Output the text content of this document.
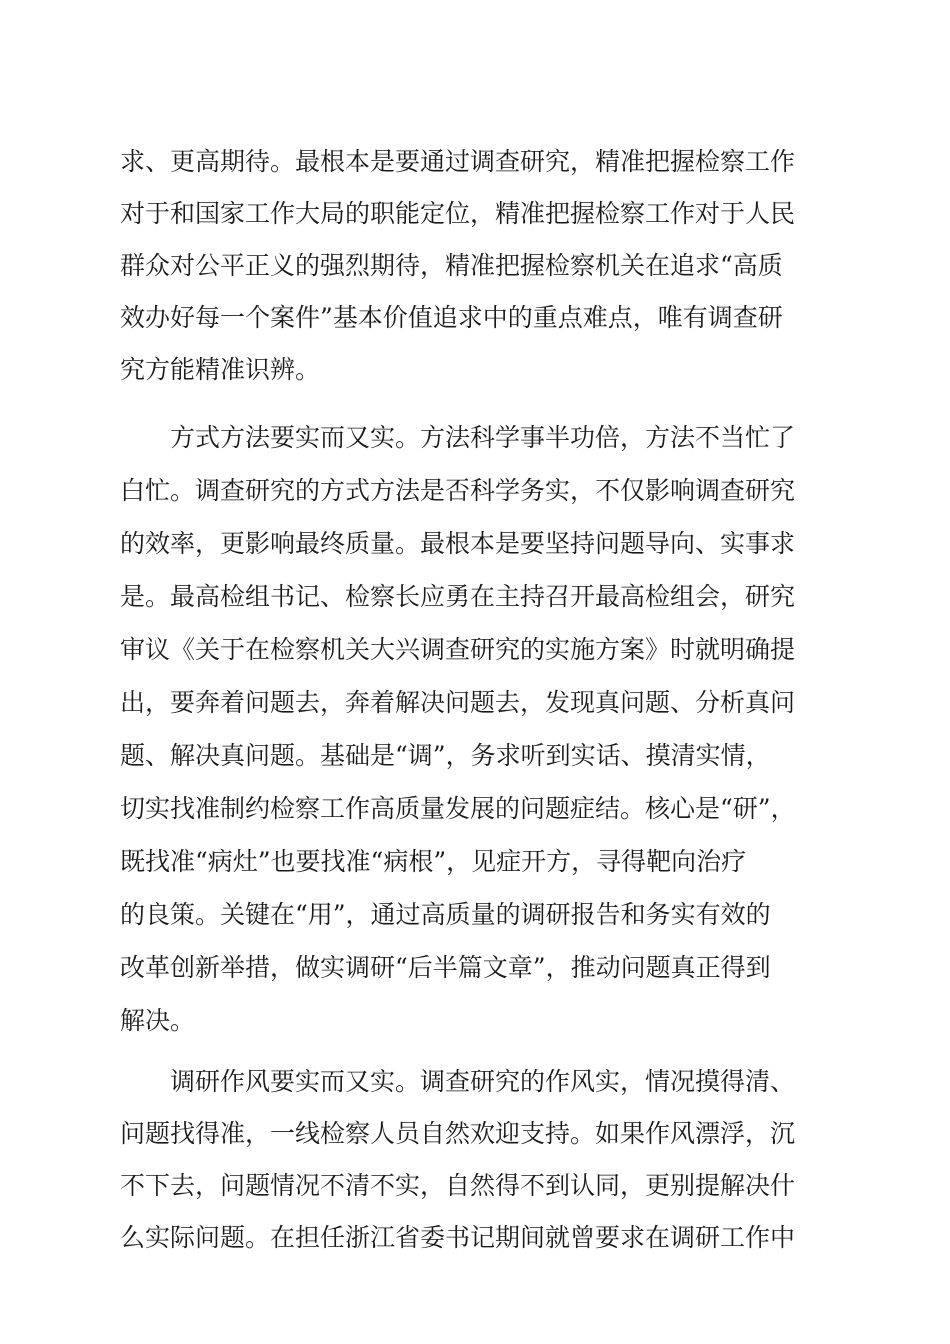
求、更高期待。最根本是要通过调查研究，精准把握检察工作
对于和国家工作大局的职能定位，精准把握检察工作对于人民
群众对公平正义的强烈期待，精准把握检察机关在追求“高质
效办好每一个案件”基本价值追求中的重点难点，唯有调查研
究方能精准识辨。
　　方式方法要实而又实。方法科学事半功倍，方法不当忙了
白忙。调查研究的方式方法是否科学务实，不仅影响调查研究
的效率，更影响最终质量。最根本是要坚持问题导向、实事求
是。最高检组书记、检察长应勇在主持召开最高检组会，研究
审议《关于在检察机关大兴调查研究的实施方案》时就明确提
出，要奔着问题去，奔着解决问题去，发现真问题、分析真问
题、解决真问题。基础是“调”，务求听到实话、摸清实情，
切实找准制约检察工作高质量发展的问题症结。核心是“研”，
既找准“病灶”也要找准“病根”，见症开方，寻得靶向治疗
的良策。关键在“用”，通过高质量的调研报告和务实有效的
改革创新举措，做实调研“后半篇文章”，推动问题真正得到
解决。
　　调研作风要实而又实。调查研究的作风实，情况摸得清、
问题找得准，一线检察人员自然欢迎支持。如果作风漂浮，沉
不下去，问题情况不清不实，自然得不到认同，更别提解决什
么实际问题。在担任浙江省委书记期间就曾要求在调研工作中
